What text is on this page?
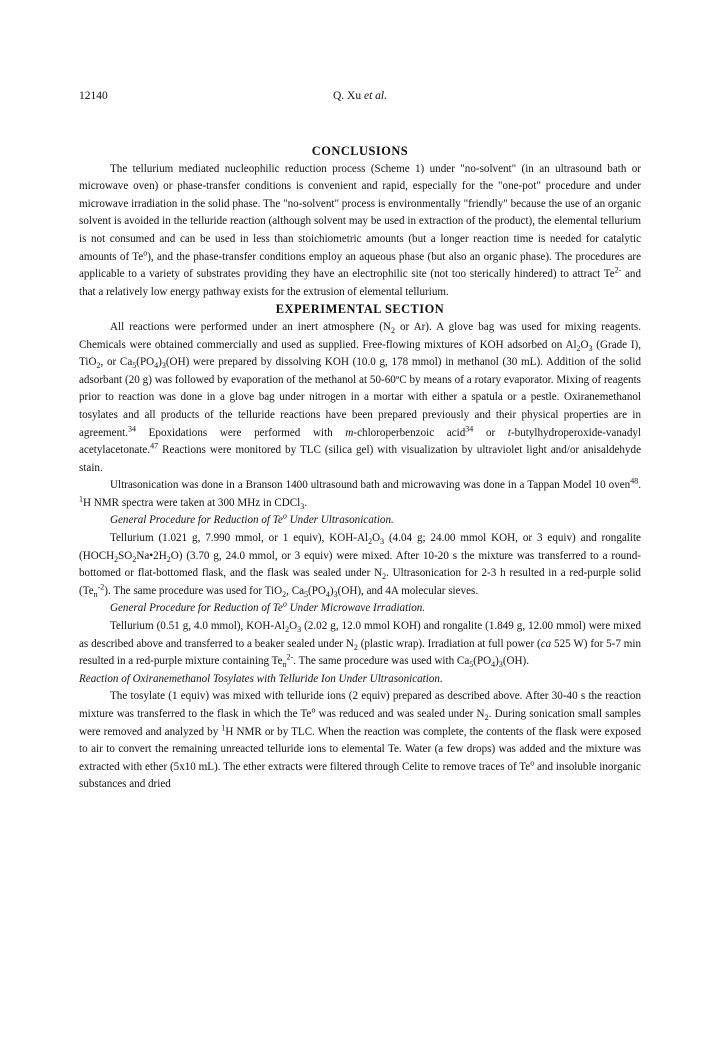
12140	Q. Xu et al.
CONCLUSIONS

The tellurium mediated nucleophilic reduction process (Scheme 1) under "no-solvent" (in an ultrasound bath or microwave oven) or phase-transfer conditions is convenient and rapid, especially for the "one-pot" procedure and under microwave irradiation in the solid phase. The "no-solvent" process is environmentally "friendly" because the use of an organic solvent is avoided in the telluride reaction (although solvent may be used in extraction of the product), the elemental tellurium is not consumed and can be used in less than stoichiometric amounts (but a longer reaction time is needed for catalytic amounts of Te$^o$), and the phase-transfer conditions employ an aqueous phase (but also an organic phase). The procedures are applicable to a variety of substrates providing they have an electrophilic site (not too sterically hindered) to attract $Te^{2-}$ and that a relatively low energy pathway exists for the extrusion of elemental tellurium.

EXPERIMENTAL SECTION

All reactions were performed under an inert atmosphere ($N_2$ or Ar). A glove bag was used for mixing reagents. Chemicals were obtained commercially and used as supplied. Free-flowing mixtures of KOH adsorbed on $Al_2O_3$ (Grade I), TiO$_2$, or $Ca_5(PO_4)_3(OH)$ were prepared by dissolving KOH (10.0 g, 178 mmol) in methanol (30 mL). Addition of the solid adsorbant (20 g) was followed by evaporation of the methanol at 50-60ºC by means of a rotary evaporator. Mixing of reagents prior to reaction was done in a glove bag under nitrogen in a mortar with either a spatula or a pestle. Oxiranemethanol tosylates and all products of the telluride reactions have been prepared previously and their physical properties are in agreement.$^{34}$ Epoxidations were performed with m-chloroperbenzoic acid$^{34}$ or t-butylhydroperoxide-vanadyl acetylacetonate.$^{47}$ Reactions were monitored by TLC (silica gel) with visualization by ultraviolet light and/or anisaldehyde stain.

Ultrasonication was done in a Branson 1400 ultrasound bath and microwaving was done in a Tappan Model 10 oven$^{48}$. $^1$H NMR spectra were taken at 300 MHz in CDCl$_3$.

General Procedure for Reduction of Te$^o$ Under Ultrasonication.

Tellurium (1.021 g, 7.990 mmol, or 1 equiv), KOH-$Al_2O_3$ (4.04 g; 24.00 mmol KOH, or 3 equiv) and rongalite $(HOCH_2SO_2Na•2H_2O)$ (3.70 g, 24.0 mmol, or 3 equiv) were mixed. After 10-20 s the mixture was transferred to a round-bottomed or flat-bottomed flask, and the flask was sealed under $N_2$. Ultrasonication for 2-3 h resulted in a red-purple solid $(Te_n^{-2})$. The same procedure was used for TiO$_2$, $Ca_5(PO_4)_3(OH)$, and 4A molecular sieves.

General Procedure for Reduction of Te$^o$ Under Microwave Irradiation.

Tellurium (0.51 g, 4.0 mmol), KOH-$Al_2O_3$ (2.02 g, 12.0 mmol KOH) and rongalite (1.849 g, 12.00 mmol) were mixed as described above and transferred to a beaker sealed under $N_2$ (plastic wrap). Irradiation at full power (ca 525 W) for 5-7 min resulted in a red-purple mixture containing $Te_n^{2-}$. The same procedure was used with $Ca_5(PO_4)_3(OH)$.

Reaction of Oxiranemethanol Tosylates with Telluride Ion Under Ultrasonication.

The tosylate (1 equiv) was mixed with telluride ions (2 equiv) prepared as described above. After 30-40 s the reaction mixture was transferred to the flask in which the Te$^o$ was reduced and was sealed under $N_2$. During sonication small samples were removed and analyzed by $^1$H NMR or by TLC. When the reaction was complete, the contents of the flask were exposed to air to convert the remaining unreacted telluride ions to elemental Te. Water (a few drops) was added and the mixture was extracted with ether (5x10 mL). The ether extracts were filtered through Celite to remove traces of Te$^o$ and insoluble inorganic substances and dried
